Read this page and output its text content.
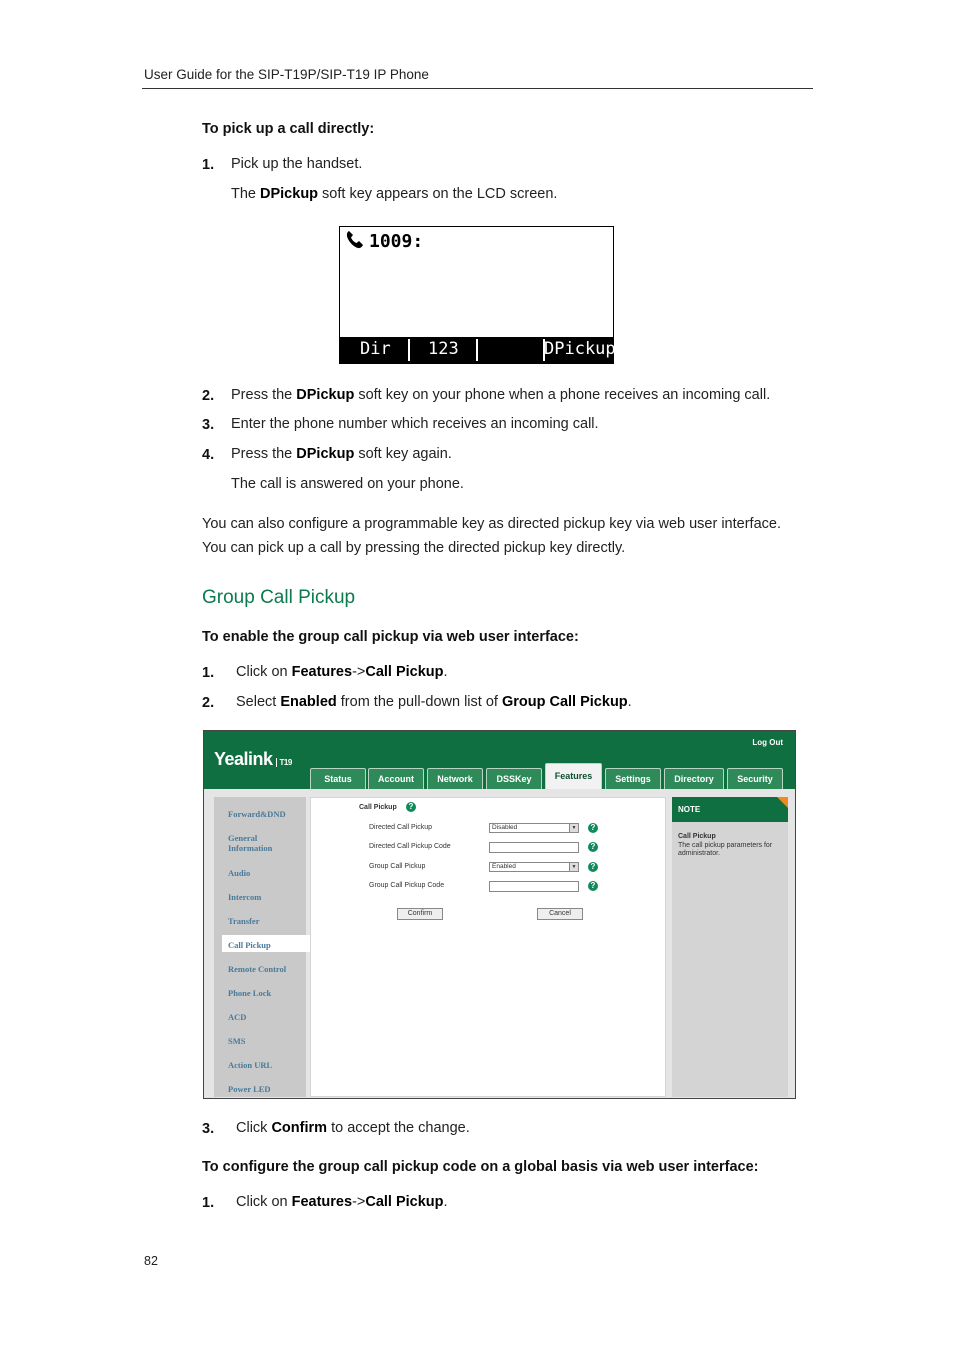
User Guide for the SIP-T19P/SIP-T19 IP Phone
To pick up a call directly:
1. Pick up the handset.
The DPickup soft key appears on the LCD screen.
1009:
Dir 123	DPickup
2. Press the DPickup soft key on your phone when a phone receives an incoming call.
3. Enter the phone number which receives an incoming call.
4. Press the DPickup soft key again.
The call is answered on your phone.
You can also configure a programmable key as directed pickup key via web user interface. You can pick up a call by pressing the directed pickup key directly.
Group Call Pickup
To enable the group call pickup via web user interface:
1. Click on Features->Call Pickup.
2. Select Enabled from the pull-down list of Group Call Pickup.
Yealink T19
Log Out
Status	Account	Network	DSSKey	Features	Settings	Directory	Security
Forward&DND
General Information
Audio
Intercom
Transfer
Call Pickup
Remote Control
Phone Lock
ACD
SMS
Action URL
Power LED
Call Pickup	?
Directed Call Pickup	Disabled	▼	?
Directed Call Pickup Code	?
Group Call Pickup	Enabled	▼	?
Group Call Pickup Code	?
Confirm	Cancel
NOTE
Call Pickup
The call pickup parameters for administrator.
3. Click Confirm to accept the change.
To configure the group call pickup code on a global basis via web user interface:
1. Click on Features->Call Pickup.
82
